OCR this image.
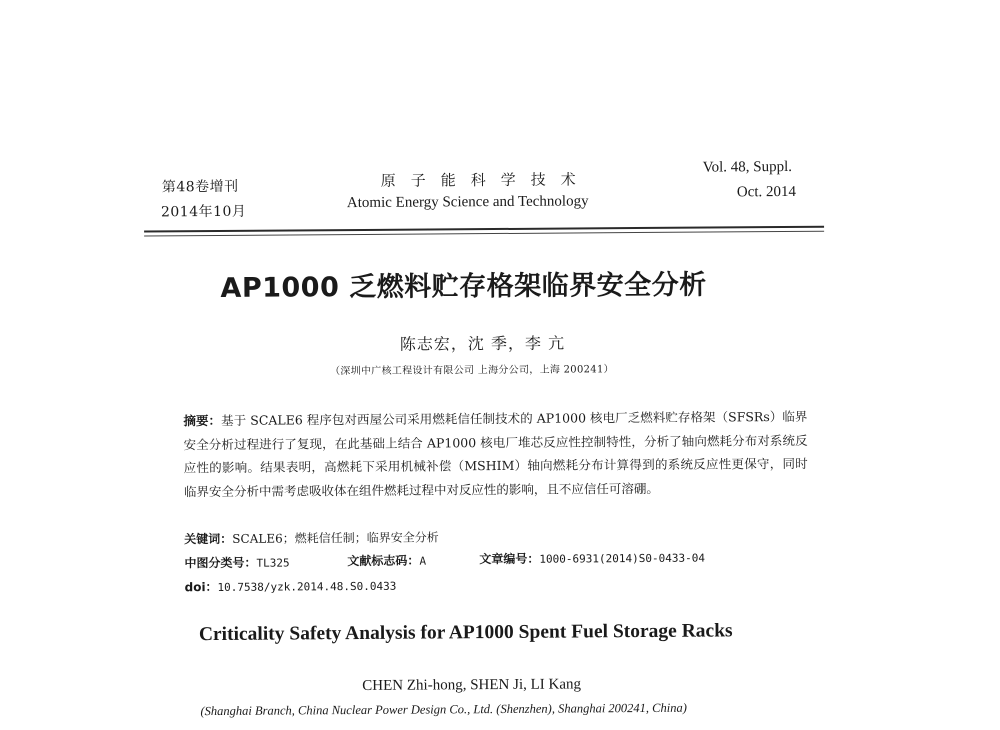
第48卷增刊
2014年10月
原子能科学技术
Atomic Energy Science and Technology
Vol. 48, Suppl.
Oct. 2014
AP1000 乏燃料贮存格架临界安全分析
陈志宏，沈 季，李 亢
（深圳中广核工程设计有限公司 上海分公司，上海 200241）
摘要：基于 SCALE6 程序包对西屋公司采用燃耗信任制技术的 AP1000 核电厂乏燃料贮存格架（SFSRs）临界安全分析过程进行了复现，在此基础上结合 AP1000 核电厂堆芯反应性控制特性，分析了轴向燃耗分布对系统反应性的影响。结果表明，高燃耗下采用机械补偿（MSHIM）轴向燃耗分布计算得到的系统反应性更保守，同时临界安全分析中需考虑吸收体在组件燃耗过程中对反应性的影响，且不应信任可溶硼。
关键词：SCALE6；燃耗信任制；临界安全分析
中图分类号：TL325	文献标志码：A	文章编号：1000-6931(2014)S0-0433-04
doi：10.7538/yzk.2014.48.S0.0433
Criticality Safety Analysis for AP1000 Spent Fuel Storage Racks
CHEN Zhi-hong, SHEN Ji, LI Kang
(Shanghai Branch, China Nuclear Power Design Co., Ltd. (Shenzhen), Shanghai 200241, China)
